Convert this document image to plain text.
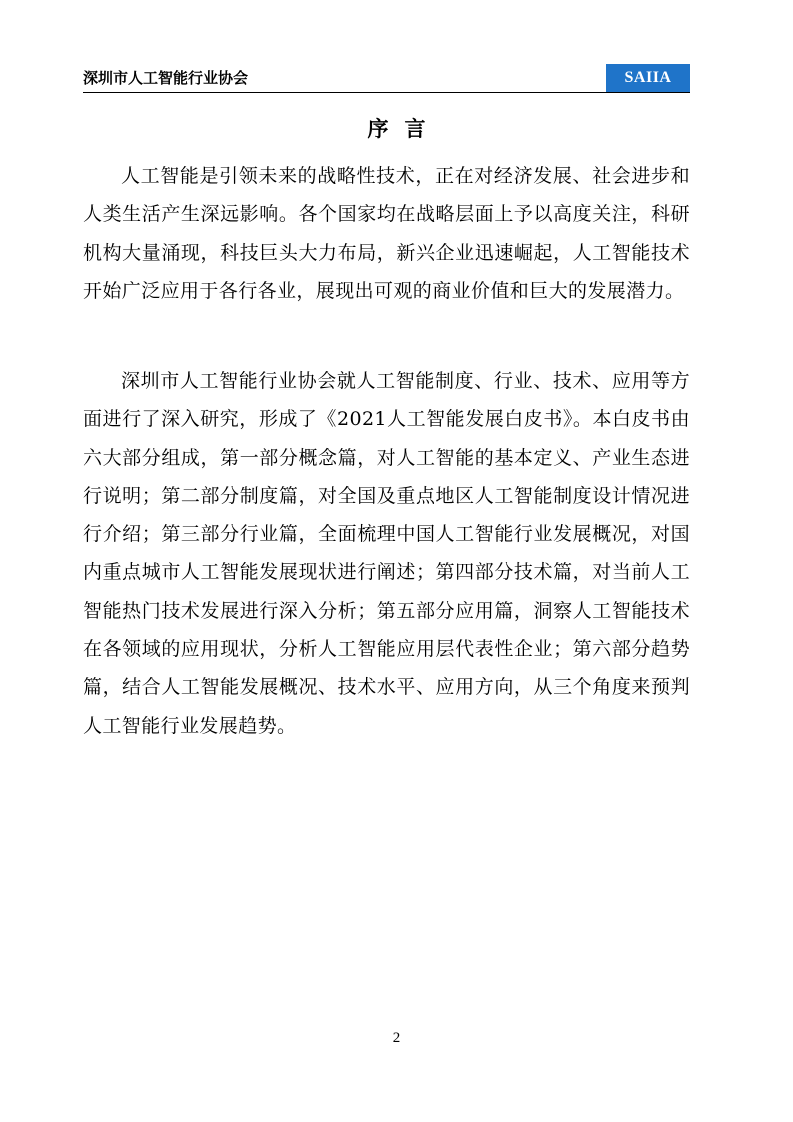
深圳市人工智能行业协会	SAIIA
序言

人工智能是引领未来的战略性技术，正在对经济发展、社会进步和人类生活产生深远影响。各个国家均在战略层面上予以高度关注，科研机构大量涌现，科技巨头大力布局，新兴企业迅速崛起，人工智能技术开始广泛应用于各行各业，展现出可观的商业价值和巨大的发展潜力。

深圳市人工智能行业协会就人工智能制度、行业、技术、应用等方面进行了深入研究，形成了《2021人工智能发展白皮书》。本白皮书由六大部分组成，第一部分概念篇，对人工智能的基本定义、产业生态进行说明；第二部分制度篇，对全国及重点地区人工智能制度设计情况进行介绍；第三部分行业篇，全面梳理中国人工智能行业发展概况，对国内重点城市人工智能发展现状进行阐述；第四部分技术篇，对当前人工智能热门技术发展进行深入分析；第五部分应用篇，洞察人工智能技术在各领域的应用现状，分析人工智能应用层代表性企业；第六部分趋势篇，结合人工智能发展概况、技术水平、应用方向，从三个角度来预判人工智能行业发展趋势。

2
